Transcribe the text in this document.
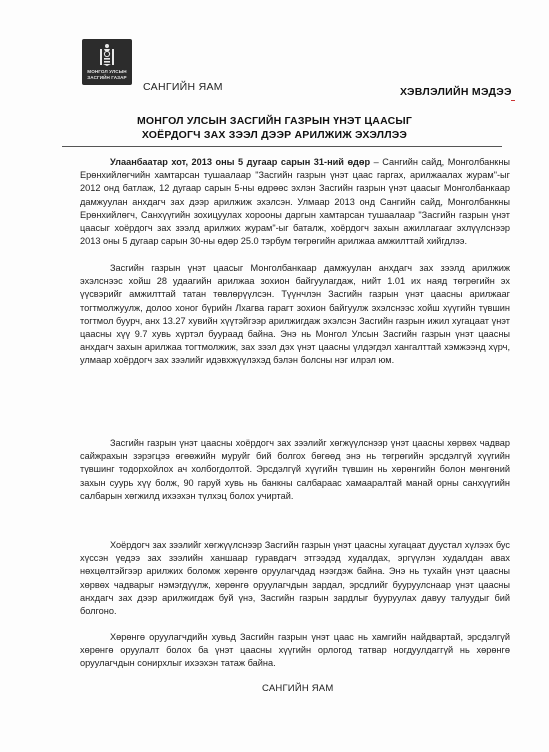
МОНГОЛ УЛСЫН
ЗАСГИЙН ГАЗАР
САНГИЙН ЯАМ	ХЭВЛЭЛИЙН МЭДЭЭ
МОНГОЛ УЛСЫН ЗАСГИЙН ГАЗРЫН ҮНЭТ ЦААСЫГ
ХОЁРДОГЧ ЗАХ ЗЭЭЛ ДЭЭР АРИЛЖИЖ ЭХЭЛЛЭЭ

Улаанбаатар хот, 2013 оны 5 дугаар сарын 31-ний өдөр – Сангийн сайд, Монголбанкны Ерөнхийлөгчийн хамтарсан тушаалаар "Засгийн газрын үнэт цаас гаргах, арилжаалах журам"-ыг 2012 онд батлаж, 12 дугаар сарын 5-ны өдрөөс эхлэн Засгийн газрын үнэт цаасыг Монголбанкаар дамжуулан анхдагч зах дээр арилжиж эхэлсэн. Улмаар 2013 онд Сангийн сайд, Монголбанкны Ерөнхийлөгч, Санхүүгийн зохицуулах хорооны даргын хамтарсан тушаалаар "Засгийн газрын үнэт цаасыг хоёрдогч зах зээлд арилжих журам"-ыг баталж, хоёрдогч захын ажиллагааг эхлүүлснээр 2013 оны 5 дугаар сарын 30-ны өдөр 25.0 тэрбум төгрөгийн арилжаа амжилттай хийгдлээ.

Засгийн газрын үнэт цаасыг Монголбанкаар дамжуулан анхдагч зах зээлд арилжиж эхэлснээс хойш 28 удаагийн арилжаа зохион байгуулагдаж, нийт 1.01 их наяд төгрөгийн эх үүсвэрийг амжилттай татан төвлөрүүлсэн. Түүнчлэн Засгийн газрын үнэт цаасны арилжааг тогтмолжуулж, долоо хоног бүрийн Лхагва гарагт зохион байгуулж эхэлснээс хойш хүүгийн түвшин тогтмол буурч, анх 13.27 хувийн хүүтэйгээр арилжигдаж эхэлсэн Засгийн газрын ижил хугацаат үнэт цаасны хүү 9.7 хувь хүртэл буурaад байна. Энэ нь Монгол Улсын Засгийн газрын үнэт цаасны анхдагч захын арилжаа тогтмолжиж, зах зээл дэх үнэт цаасны үлдэгдэл хангалттай хэмжээнд хүрч, улмаар хоёрдогч зах зээлийг идэвхжүүлэхэд бэлэн болсны нэг илрэл юм.

Засгийн газрын үнэт цаасны хоёрдогч зах зээлийг хөгжүүлснээр үнэт цаасны хөрвөх чадвар сайжрахын зэрэгцээ өгөөжийн муруйг бий болгох бөгөөд энэ нь төгрөгийн эрсдэлгүй хүүгийн түвшинг тодорхойлох ач холбогдолтой. Эрсдэлгүй хүүгийн түвшин нь хөрөнгийн болон мөнгөний захын суурь хүү болж, 90 гаруй хувь нь банкны салбараас хамааралтай манай орны санхүүгийн салбарын хөгжилд ихээхэн түлхэц болох учиртай.

Хоёрдогч зах зээлийг хөгжүүлснээр Засгийн газрын үнэт цаасны хугацаат дуустал хүлээх бус хүссэн үедээ зах зээлийн ханшаар гуравдагч этгээдэд худалдах, эргүүлэн худалдан авах нөхцөлтэйгээр арилжих боломж хөрөнгө оруулагчдад нээгдэж байна. Энэ нь тухайн үнэт цаасны хөрвөх чадварыг нэмэгдүүлж, хөрөнгө оруулагчдын зардал, эрсдлийг бууруулснаар үнэт цаасны анхдагч зах дээр арилжигдаж буй үнэ, Засгийн газрын зардлыг бууруулах давуу талуудыг бий болгоно.

Хөрөнгө оруулагчдийн хувьд Засгийн газрын үнэт цаас нь хамгийн найдвартай, эрсдэлгүй хөрөнгө оруулалт болох ба үнэт цаасны хүүгийн орлогод татвар ногдуулдаггүй нь хөрөнгө оруулагчдын сонирхлыг ихээхэн татаж байна.

САНГИЙН ЯАМ
